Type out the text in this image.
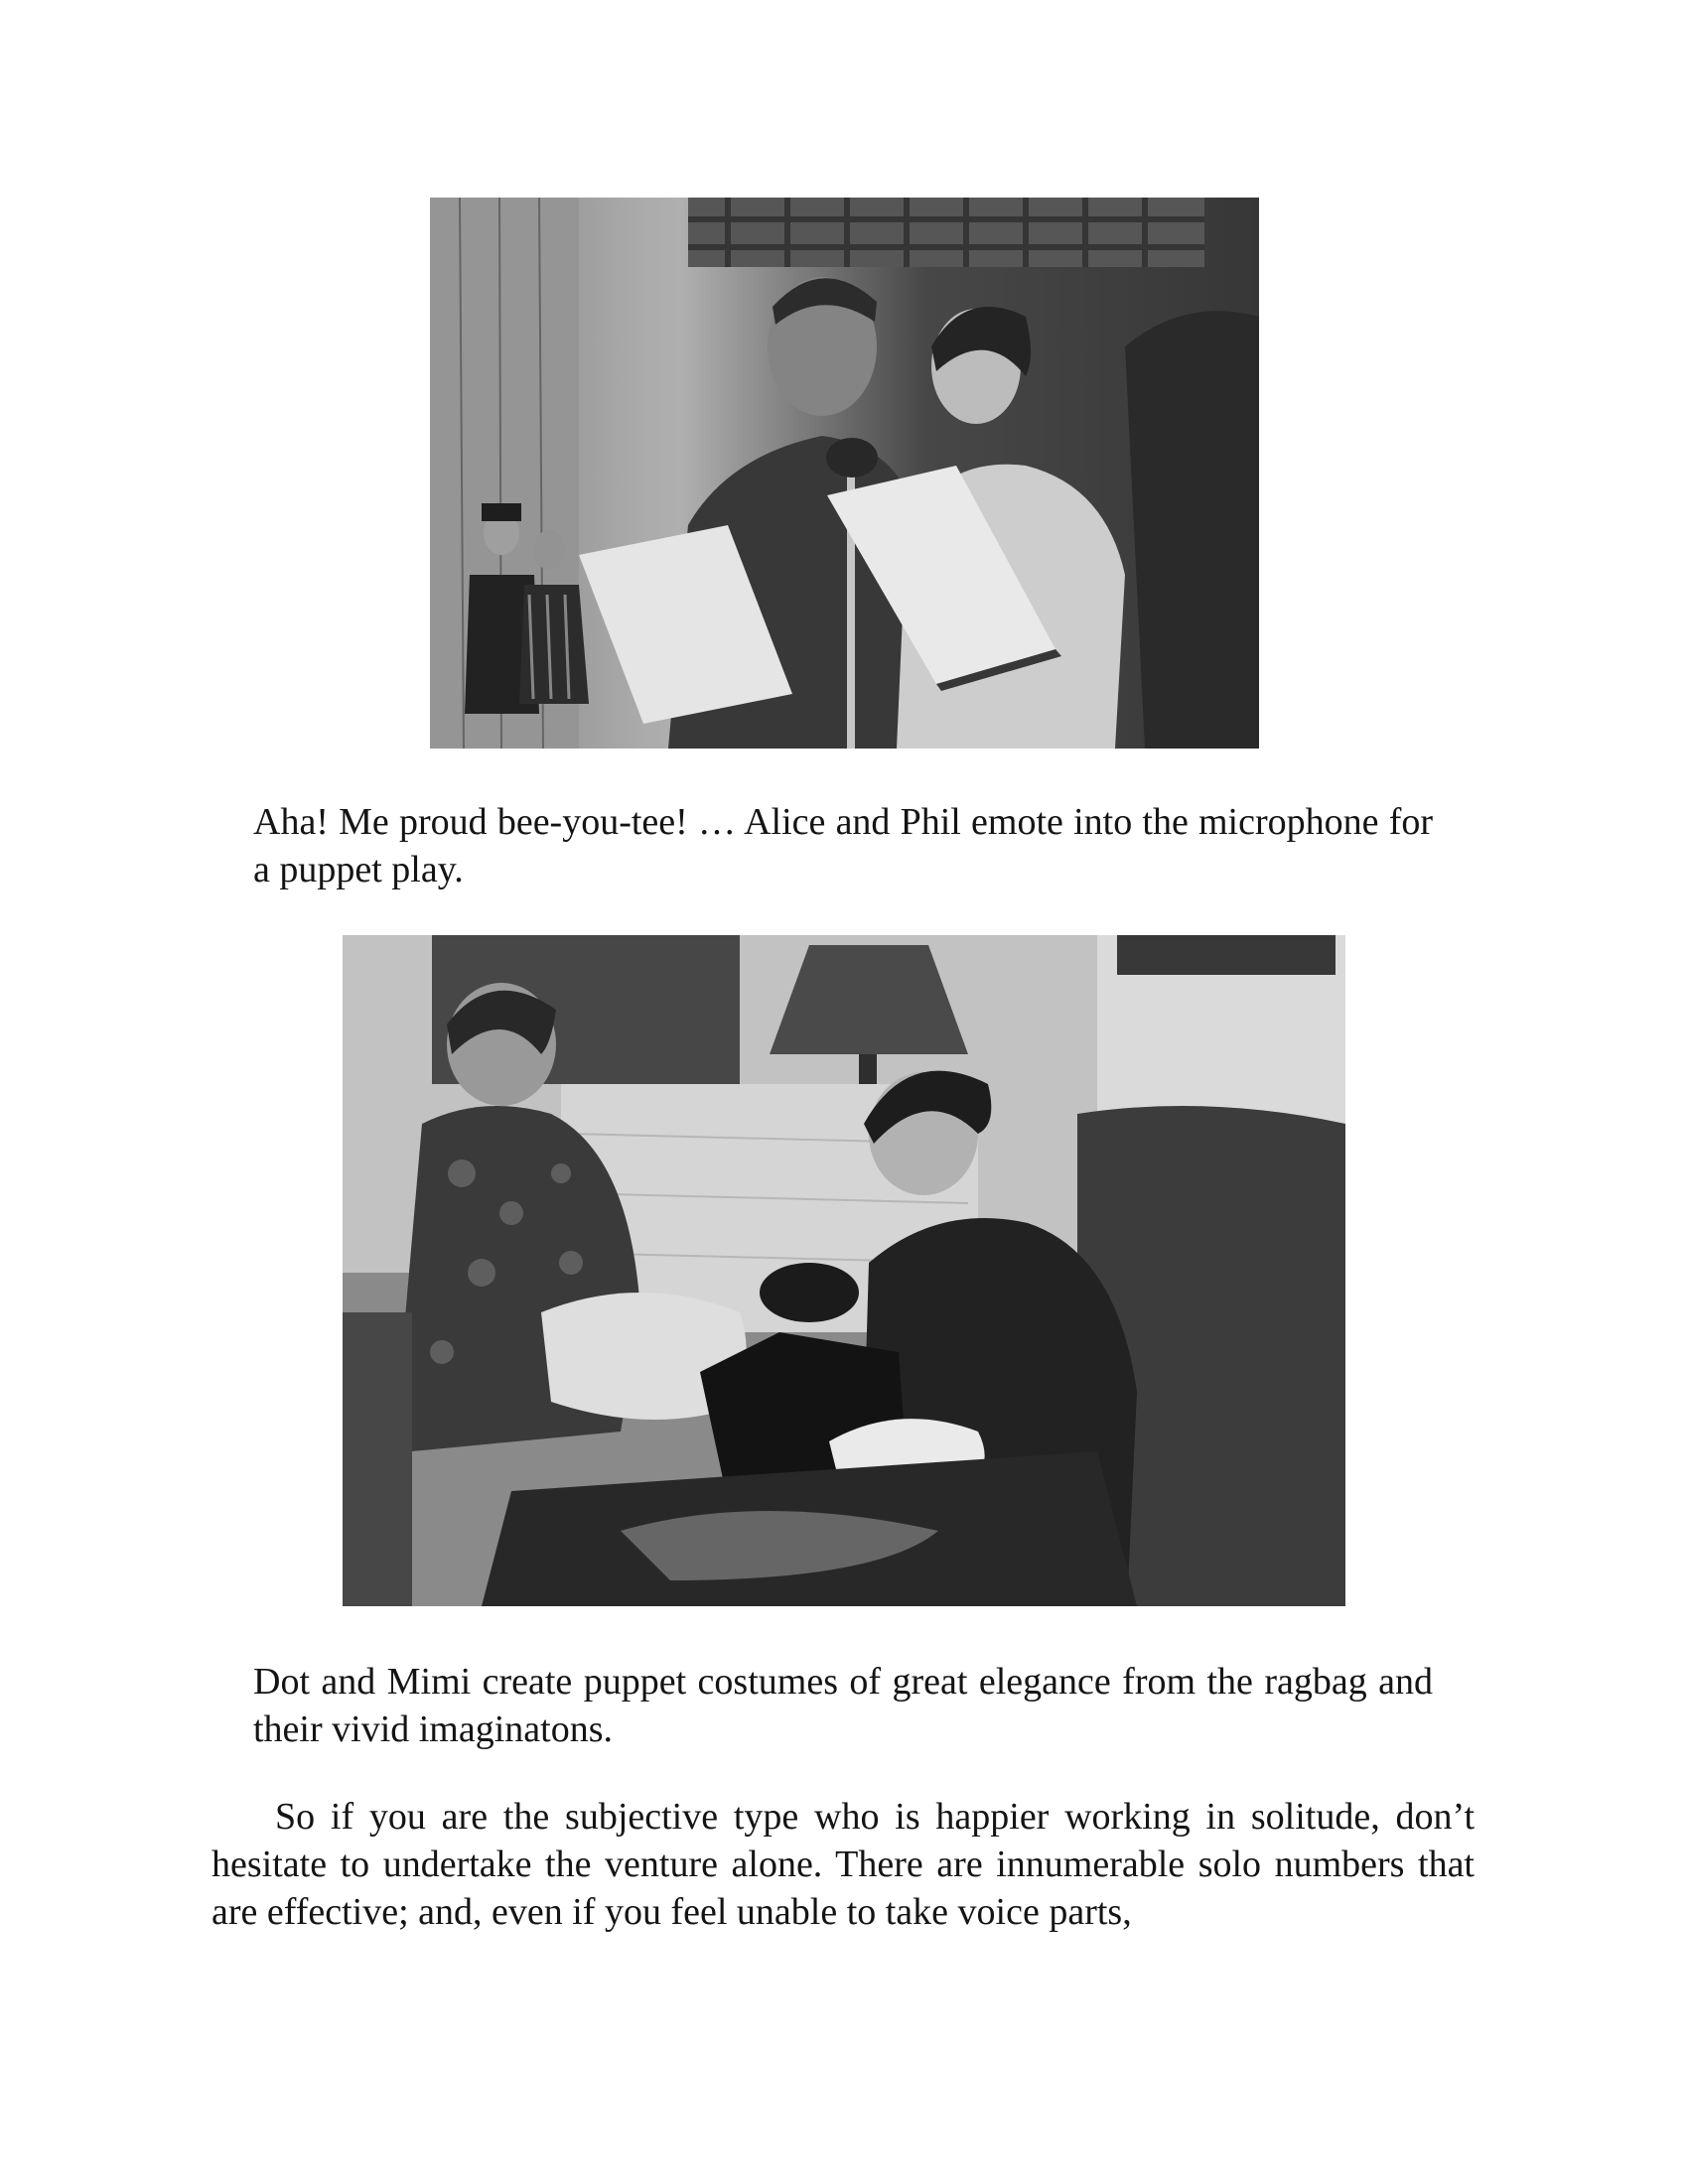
Aha! Me proud bee-you-tee! … Alice and Phil emote into the microphone for a puppet play.

Dot and Mimi create puppet costumes of great elegance from the ragbag and their vivid imaginatons.

So if you are the subjective type who is happier working in solitude, don’t hesitate to undertake the venture alone. There are innumerable solo numbers that are effective; and, even if you feel unable to take voice parts,
